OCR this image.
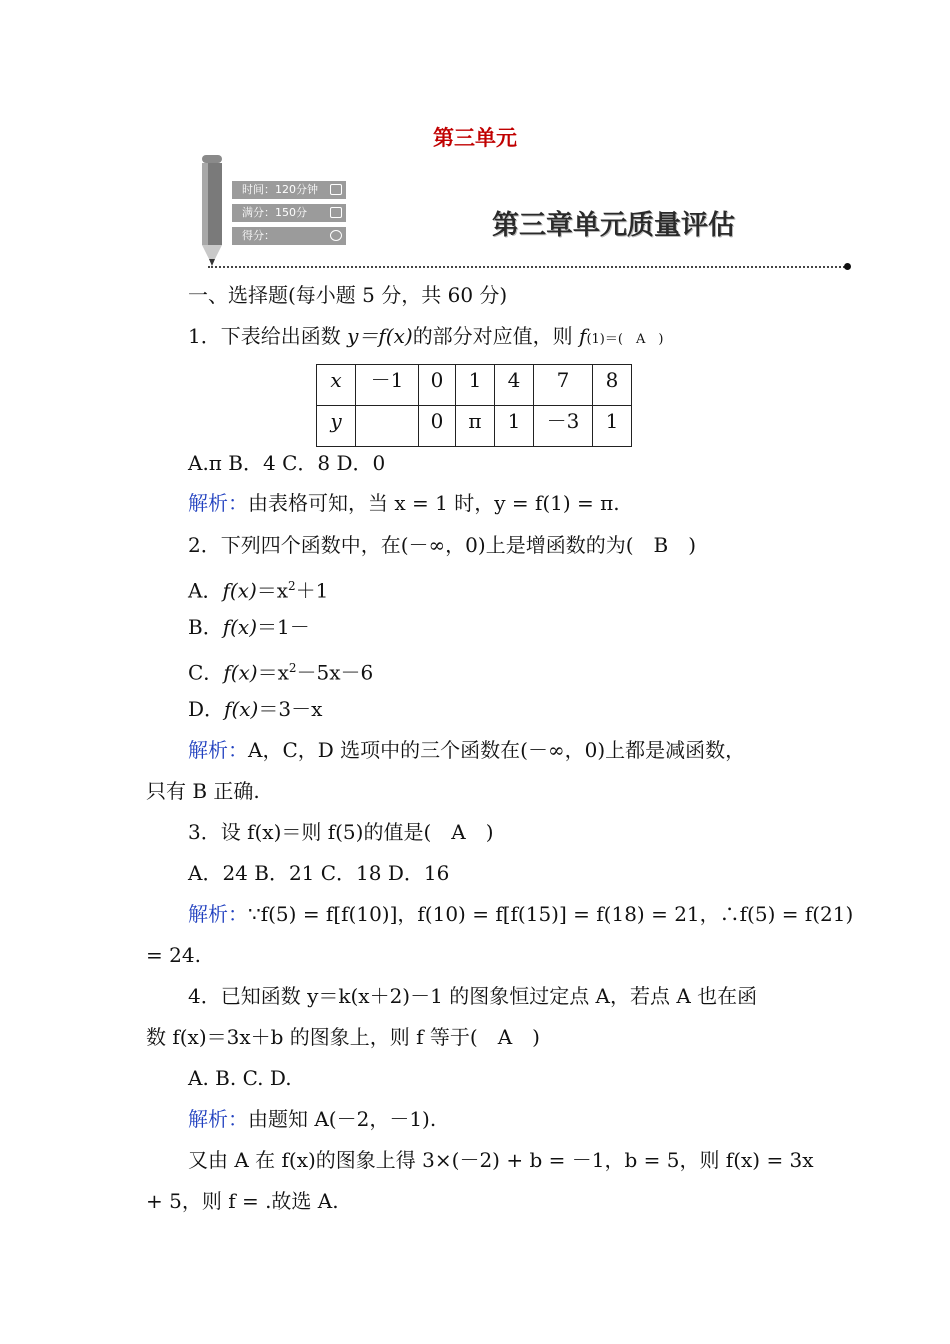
第三单元
时间：120分钟
满分：150分
得分：	第三章单元质量评估
一、选择题(每小题 5 分，共 60 分)
1．下表给出函数 y＝f(x)的部分对应值，则 f(1)＝(　A　)
x	－1	0	1	4	7	8
y		0	π	1	－3	1
A.π B．4 C．8 D．0
解析：由表格可知，当 x = 1 时，y = f(1) = π.
2．下列四个函数中，在(－∞，0)上是增函数的为(　B　)
A．$f(x)=x^2+1$
B．f(x)＝1－
C．$f(x)=x^2-5x-6$
D．f(x)＝3－x
解析：A，C，D 选项中的三个函数在(－∞，0)上都是减函数，
只有 B 正确.
3．设 f(x)＝则 f(5)的值是(　A　)
A．24 B．21 C．18 D．16
解析：∵f(5) = f[f(10)]，f(10) = f[f(15)] = f(18) = 21，∴f(5) = f(21)
= 24.
4．已知函数 y＝k(x＋2)－1 的图象恒过定点 A，若点 A 也在函
数 f(x)＝3x＋b 的图象上，则 f 等于(　A　)
A. B. C. D.
解析：由题知 A(－2，－1).
又由 A 在 f(x)的图象上得 3×(－2) + b = －1，b = 5，则 f(x) = 3x
+ 5，则 f = .故选 A.
